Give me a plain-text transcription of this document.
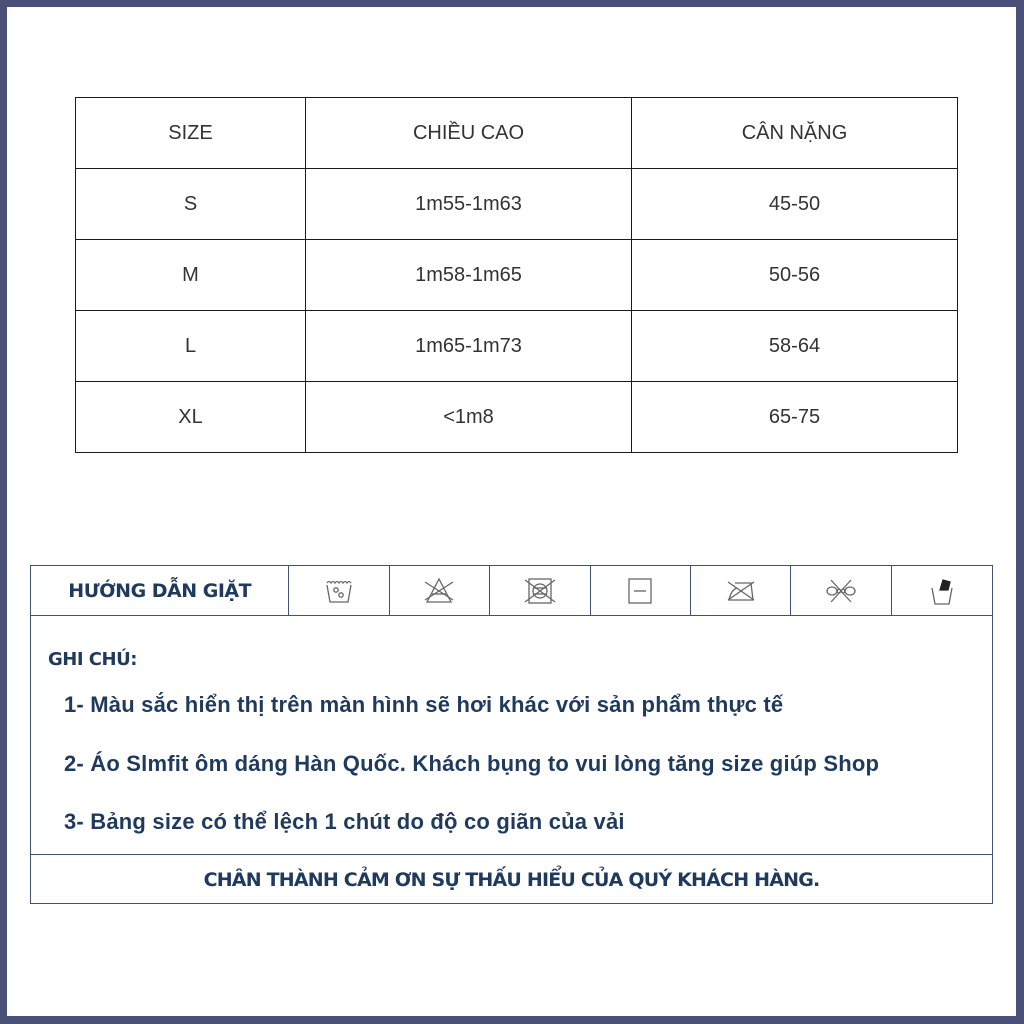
SIZE	CHIỀU CAO	CÂN NẶNG
S	1m55-1m63	45-50
M	1m58-1m65	50-56
L	1m65-1m73	58-64
XL	<1m8	65-75
HƯỚNG DẪN GIẶT
GHI CHÚ:
1- Màu sắc hiển thị trên màn hình sẽ hơi khác với sản phẩm thực tế
2- Áo Slmfit ôm dáng Hàn Quốc. Khách bụng to vui lòng tăng size giúp Shop
3- Bảng size có thể lệch 1 chút do độ co giãn của vải
CHÂN THÀNH CẢM ƠN SỰ THẤU HIỂU CỦA QUÝ KHÁCH HÀNG.
